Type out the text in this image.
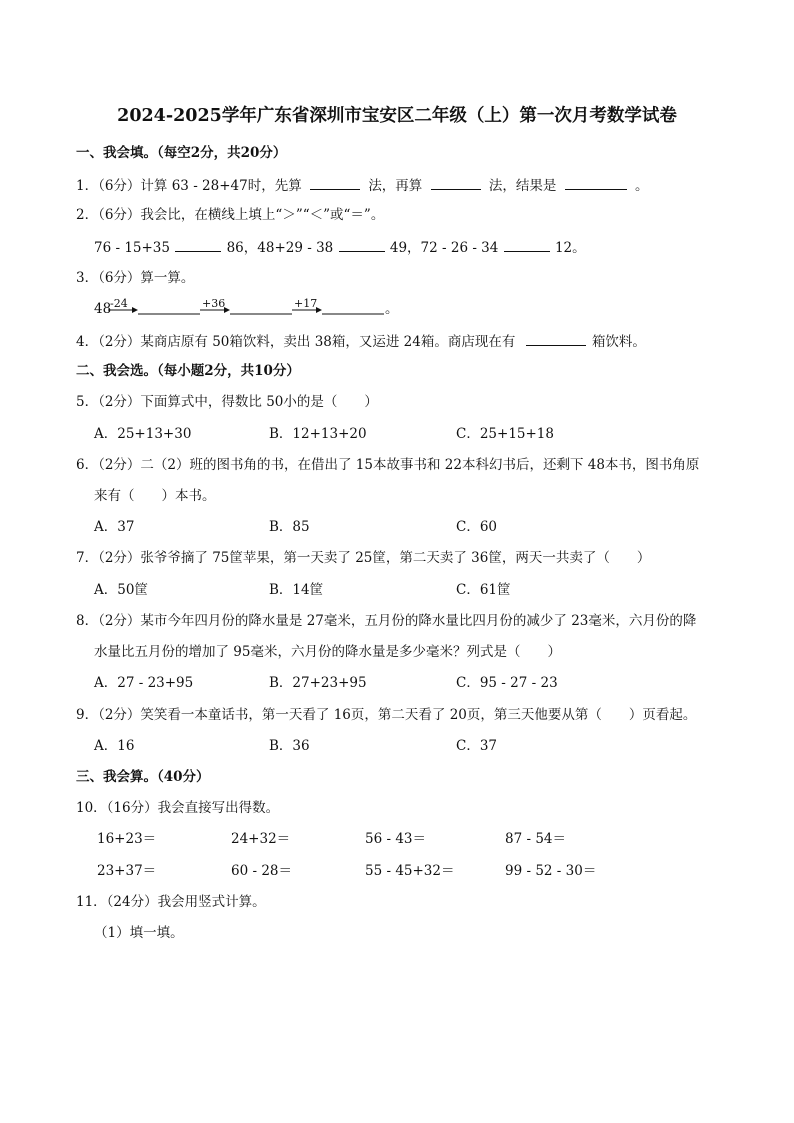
2024-2025学年广东省深圳市宝安区二年级（上）第一次月考数学试卷
一、我会填。（每空2分，共20分）
1．（6分）计算 63 - 28+47时，先算	法，再算	法，结果是	。
2．（6分）我会比，在横线上填上“＞”“＜”或“＝”。
76 - 15+35	86，48+29 - 38	49，72 - 26 - 34	12。
3．（6分）算一算。
48
-24	+36	+17	。
4．（2分）某商店原有 50箱饮料，卖出 38箱，又运进 24箱。商店现在有	箱饮料。
二、我会选。（每小题2分，共10分）
5．（2分）下面算式中，得数比 50小的是（　　）
A．25+13+30	B．12+13+20	C．25+15+18
6．（2分）二（2）班的图书角的书，在借出了 15本故事书和 22本科幻书后，还剩下 48本书，图书角原
来有（　　）本书。
A．37	B．85	C．60
7．（2分）张爷爷摘了 75筐苹果，第一天卖了 25筐，第二天卖了 36筐，两天一共卖了（　　）
A．50筐	B．14筐	C．61筐
8．（2分）某市今年四月份的降水量是 27毫米，五月份的降水量比四月份的减少了 23毫米，六月份的降
水量比五月份的增加了 95毫米，六月份的降水量是多少毫米？列式是（　　）
A．27 - 23+95	B．27+23+95	C．95 - 27 - 23
9．（2分）笑笑看一本童话书，第一天看了 16页，第二天看了 20页，第三天他要从第（　　）页看起。
A．16	B．36	C．37
三、我会算。（40分）
10．（16分）我会直接写出得数。
16+23＝	24+32＝	56 - 43＝	87 - 54＝
23+37＝	60 - 28＝	55 - 45+32＝	99 - 52 - 30＝
11．（24分）我会用竖式计算。
（1）填一填。
